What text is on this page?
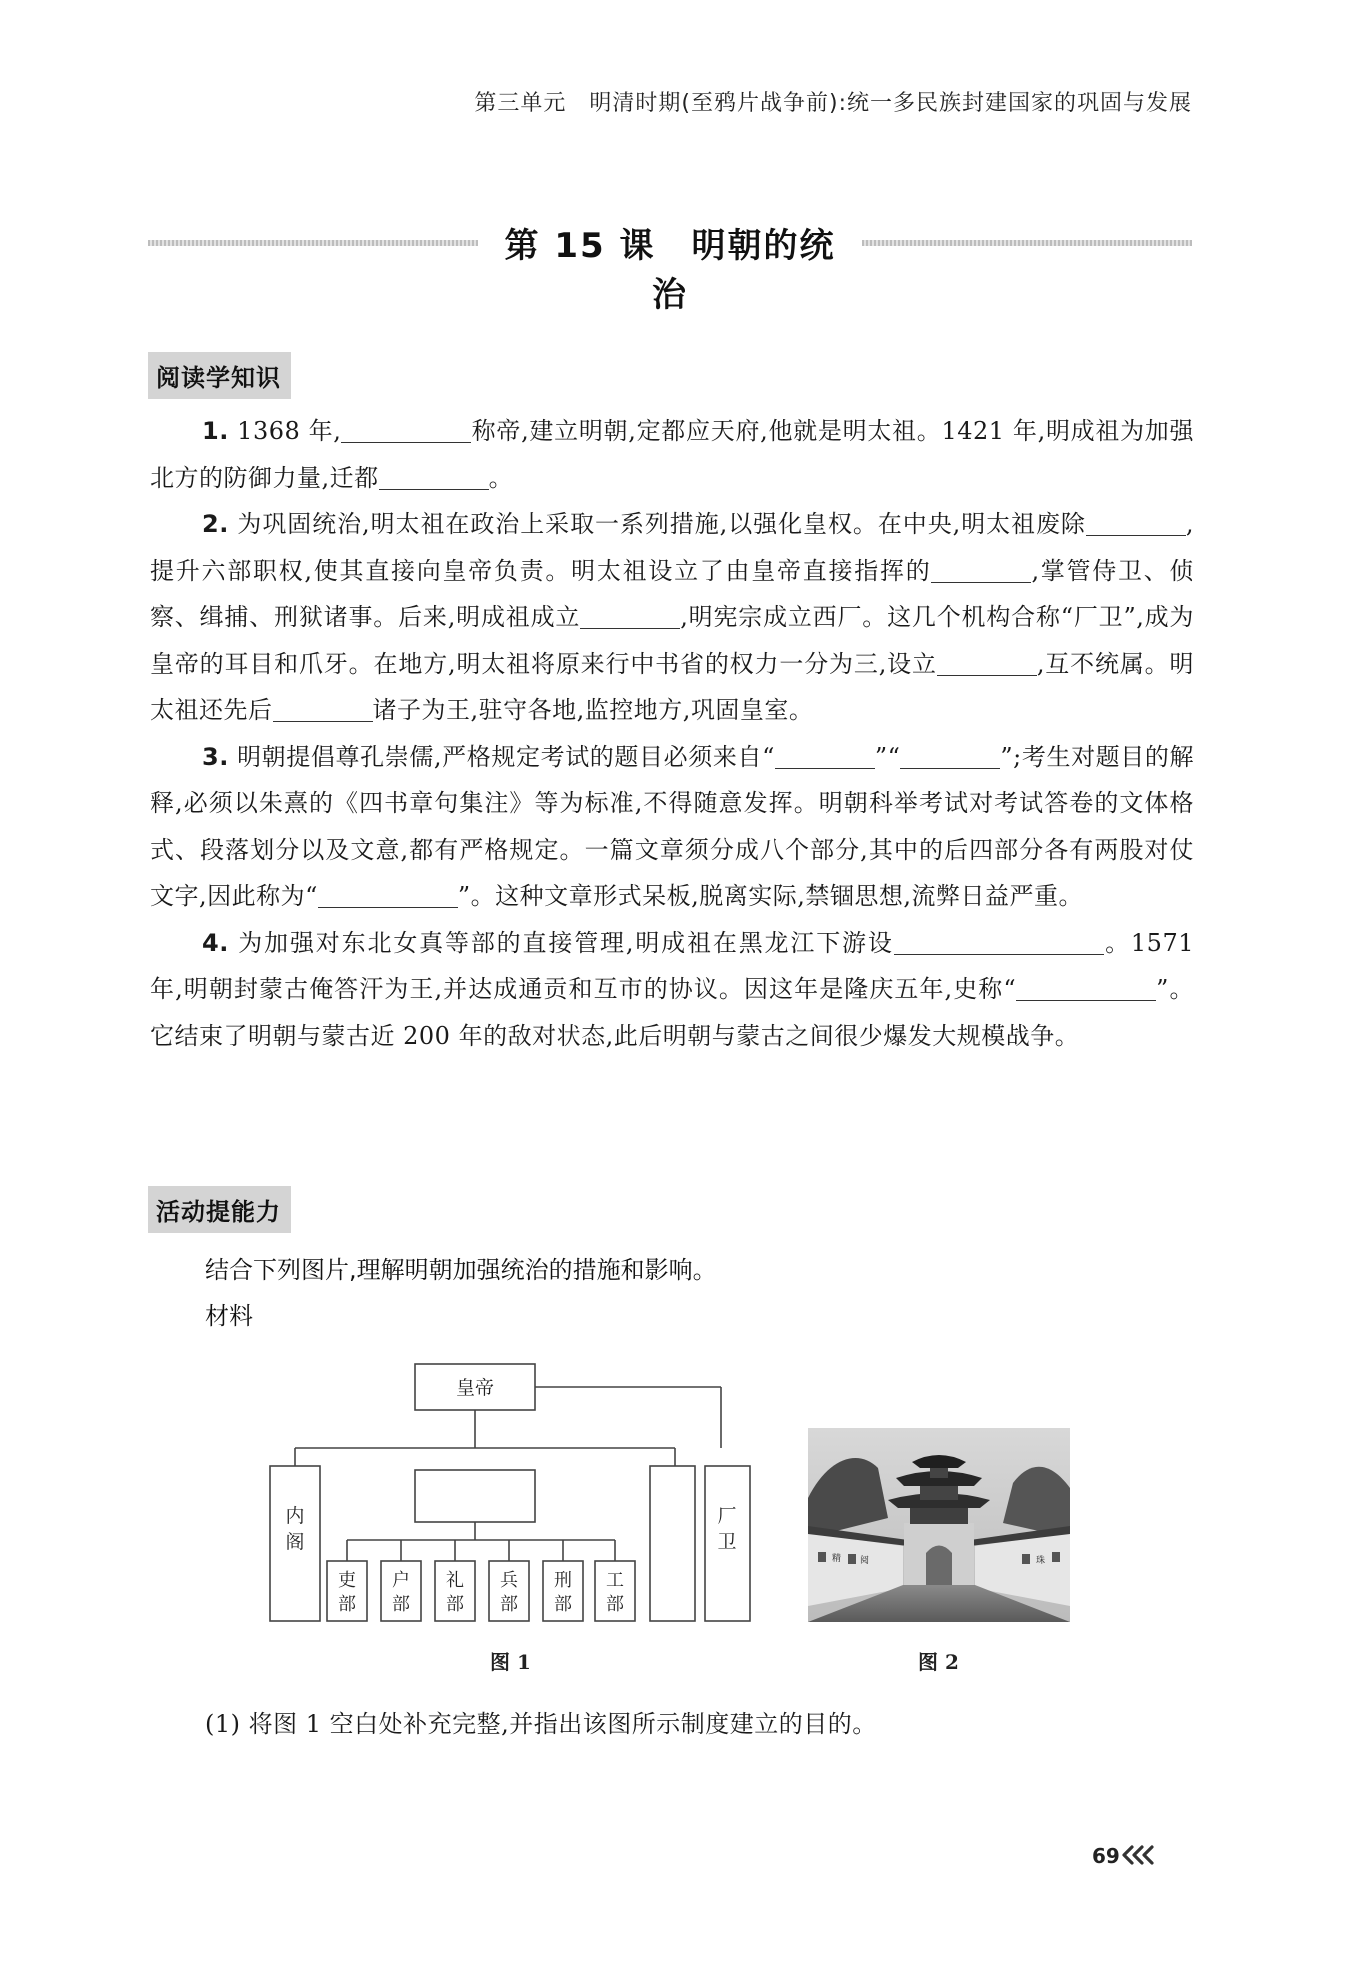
第三单元　明清时期(至鸦片战争前):统一多民族封建国家的巩固与发展
第 15 课　明朝的统治
阅读学知识

1. 1368 年,	称帝,建立明朝,定都应天府,他就是明太祖。1421 年,明成祖为加强北方的防御力量,迁都	。

2. 为巩固统治,明太祖在政治上采取一系列措施,以强化皇权。在中央,明太祖废除	,提升六部职权,使其直接向皇帝负责。明太祖设立了由皇帝直接指挥的	,掌管侍卫、侦察、缉捕、刑狱诸事。后来,明成祖成立	,明宪宗成立西厂。这几个机构合称“厂卫”,成为皇帝的耳目和爪牙。在地方,明太祖将原来行中书省的权力一分为三,设立	,互不统属。明太祖还先后	诸子为王,驻守各地,监控地方,巩固皇室。

3. 明朝提倡尊孔崇儒,严格规定考试的题目必须来自“	”“	”;考生对题目的解释,必须以朱熹的《四书章句集注》等为标准,不得随意发挥。明朝科举考试对考试答卷的文体格式、段落划分以及文意,都有严格规定。一篇文章须分成八个部分,其中的后四部分各有两股对仗文字,因此称为“	”。这种文章形式呆板,脱离实际,禁锢思想,流弊日益严重。

4. 为加强对东北女真等部的直接管理,明成祖在黑龙江下游设	。1571 年,明朝封蒙古俺答汗为王,并达成通贡和互市的协议。因这年是隆庆五年,史称“	”。它结束了明朝与蒙古近 200 年的敌对状态,此后明朝与蒙古之间很少爆发大规模战争。

活动提能力
结合下列图片,理解明朝加强统治的措施和影响。
材料
皇帝
内阁
厂卫
吏部
户部
礼部
兵部
刑部
工部
图 1
精 阅	珠
图 2
(1) 将图 1 空白处补充完整,并指出该图所示制度建立的目的。
69
